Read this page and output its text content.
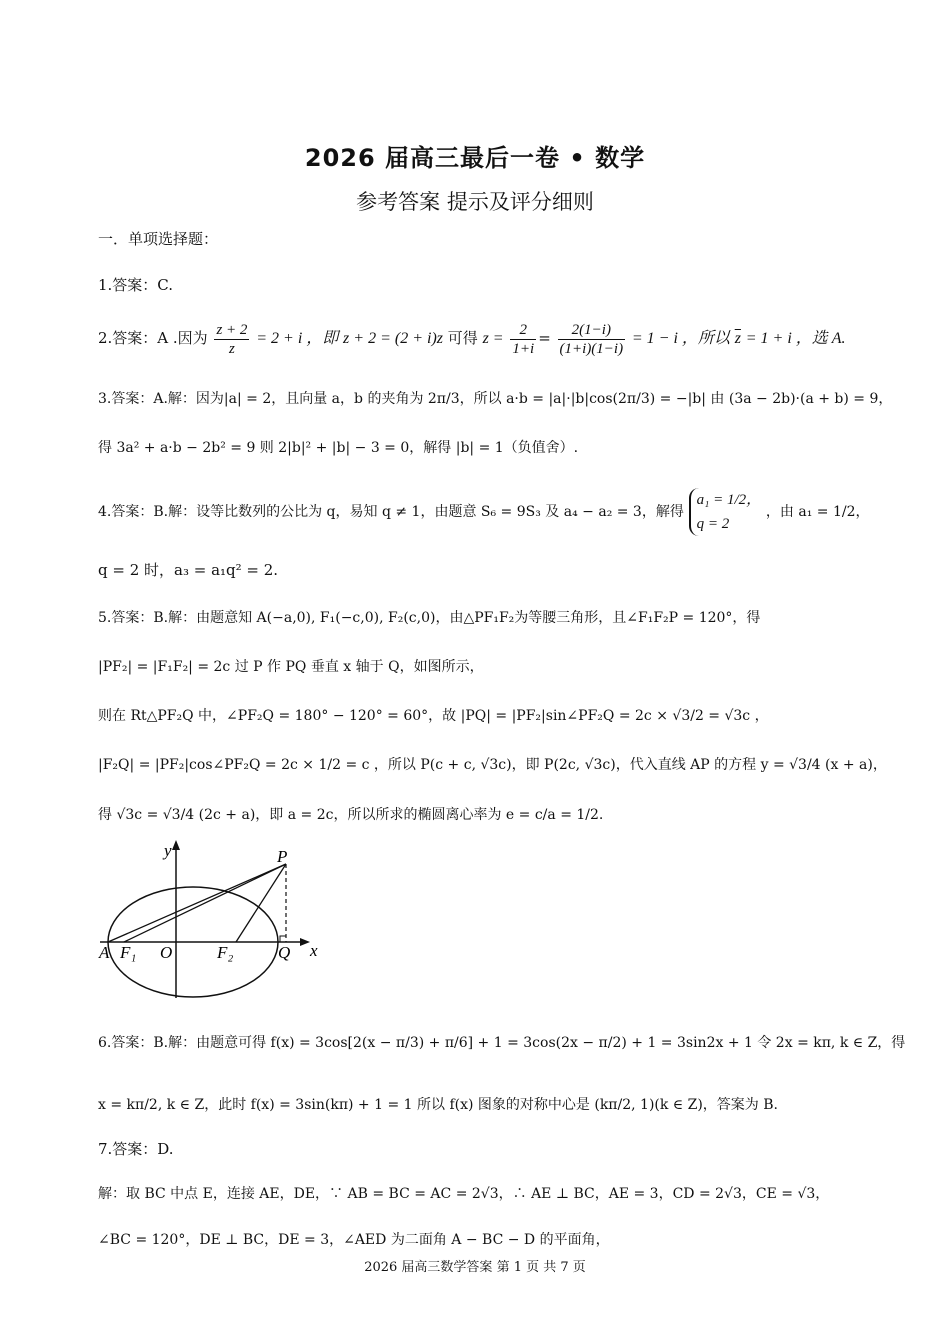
2026 届高三最后一卷 • 数学
参考答案 提示及评分细则
一．单项选择题：
1.答案：C.
2.答案：A .因为 $\frac{z + 2}{z} = 2 + i$ ，即 z + 2 = (2 + i)z 可得 $z = \frac{2}{1+i} = \frac{2(1-i)}{(1+i)(1-i)} = 1 - i$ ，所以 $\overline{z} = 1 + i$ ，选 A.
3.答案：A.解：因为|a| = 2，且向量 a，b 的夹角为 2π/3，所以 a·b = |a|·|b|cos(2π/3) = −|b| 由 (3a − 2b)·(a + b) = 9，
得 3a² + a·b − 2b² = 9 则 2|b|² + |b| − 3 = 0，解得 |b| = 1（负值舍）.
4.答案：B.解：设等比数列的公比为 q，易知 q ≠ 1，由题意 S₆ = 9S₃ 及 a₄ − a₂ = 3，解得
a₁ = 1/2，
q = 2
，由 a₁ = 1/2，
q = 2 时，a₃ = a₁q² = 2.
5.答案：B.解：由题意知 A(−a,0), F₁(−c,0), F₂(c,0)，由△PF₁F₂为等腰三角形，且∠F₁F₂P = 120°，得
|PF₂| = |F₁F₂| = 2c 过 P 作 PQ 垂直 x 轴于 Q，如图所示，
则在 Rt△PF₂Q 中，∠PF₂Q = 180° − 120° = 60°，故 |PQ| = |PF₂|sin∠PF₂Q = 2c × √3/2 = √3c ，
|F₂Q| = |PF₂|cos∠PF₂Q = 2c × 1/2 = c ，所以 P(c + c, √3c)，即 P(2c, √3c)，代入直线 AP 的方程 y = √3/4 (x + a)，
得 √3c = √3/4 (2c + a)，即 a = 2c，所以所求的椭圆离心率为 e = c/a = 1/2.
y
x
P
A F₁ O	F₂	Q
6.答案：B.解：由题意可得 f(x) = 3cos[2(x − π/3) + π/6] + 1 = 3cos(2x − π/2) + 1 = 3sin2x + 1 令 2x = kπ, k ∈ Z，得
x = kπ/2, k ∈ Z，此时 f(x) = 3sin(kπ) + 1 = 1 所以 f(x) 图象的对称中心是 (kπ/2, 1)(k ∈ Z)，答案为 B.
7.答案：D.
解：取 BC 中点 E，连接 AE，DE，∵ AB = BC = AC = 2√3，∴ AE ⊥ BC，AE = 3，CD = 2√3，CE = √3，
∠BC = 120°，DE ⊥ BC，DE = 3，∠AED 为二面角 A − BC − D 的平面角，
2026 届高三数学答案 第 1 页 共 7 页
